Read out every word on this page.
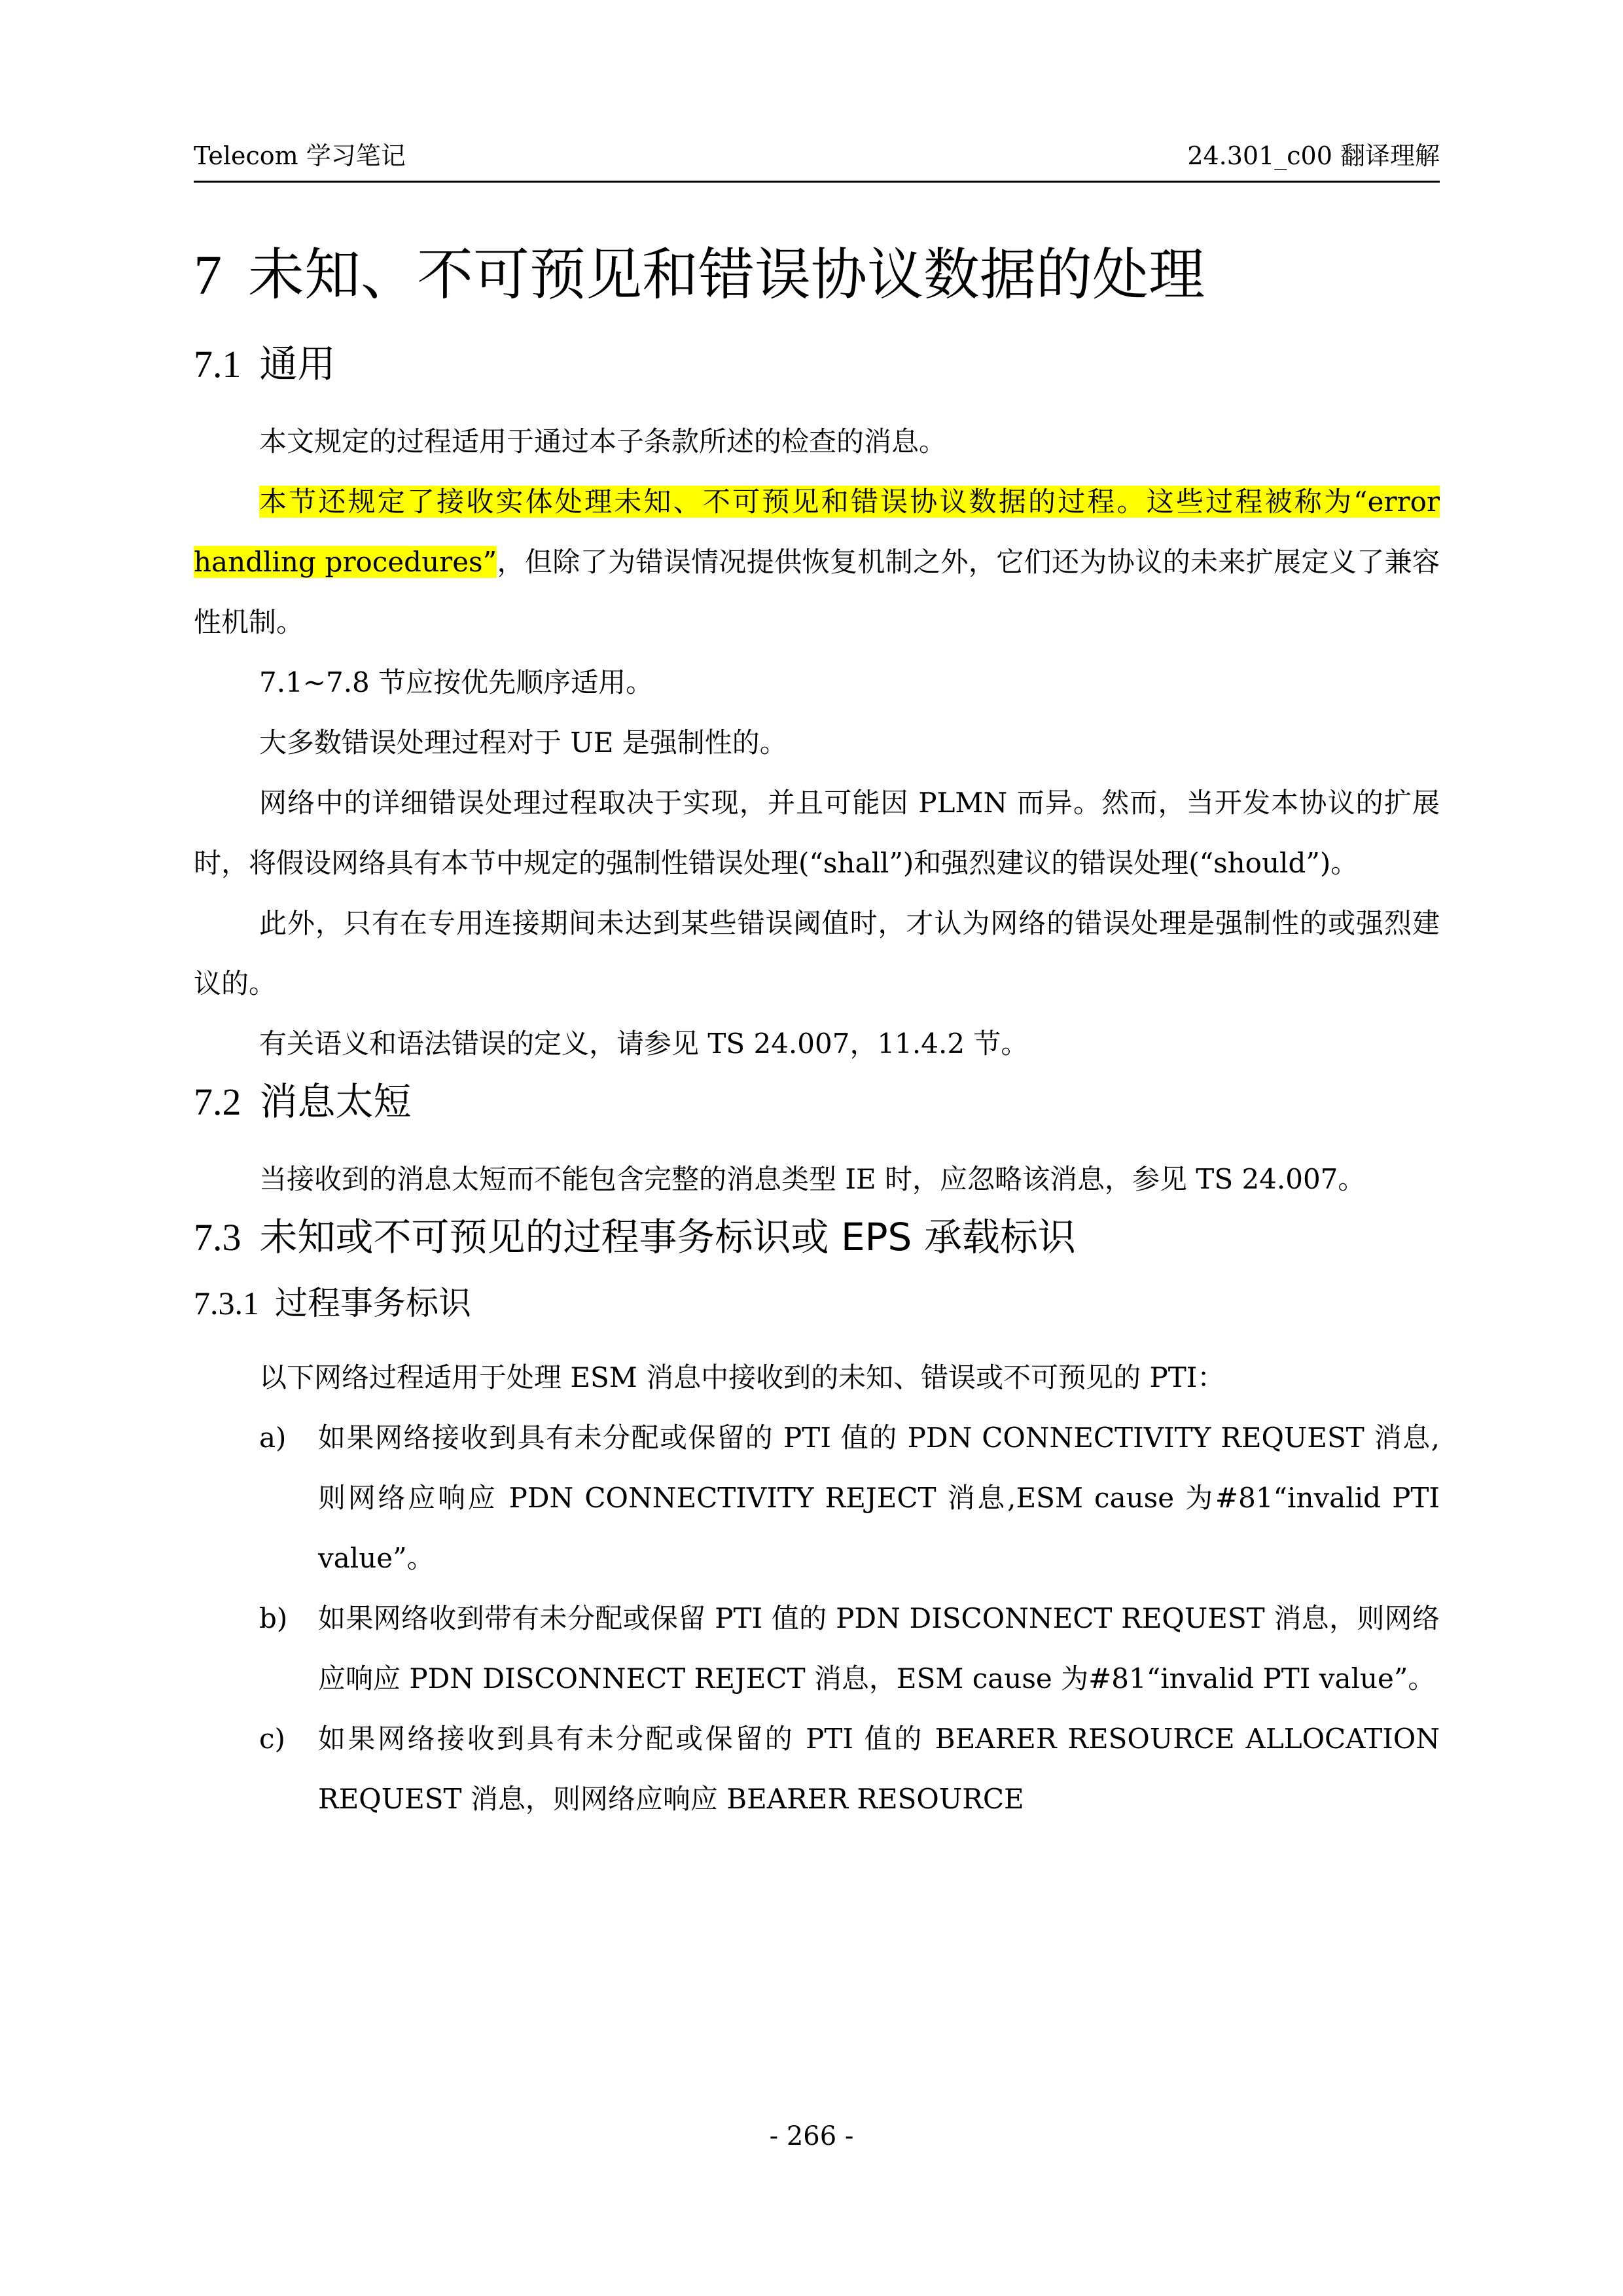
Telecom 学习笔记	24.301_c00 翻译理解
7 未知、不可预见和错误协议数据的处理
7.1 通用

本文规定的过程适用于通过本子条款所述的检查的消息。

本节还规定了接收实体处理未知、不可预见和错误协议数据的过程。这些过程被称为“error handling procedures”，但除了为错误情况提供恢复机制之外，它们还为协议的未来扩展定义了兼容性机制。

7.1~7.8 节应按优先顺序适用。

大多数错误处理过程对于 UE 是强制性的。

网络中的详细错误处理过程取决于实现，并且可能因 PLMN 而异。然而，当开发本协议的扩展时，将假设网络具有本节中规定的强制性错误处理(“shall”)和强烈建议的错误处理(“should”)。

此外，只有在专用连接期间未达到某些错误阈值时，才认为网络的错误处理是强制性的或强烈建议的。

有关语义和语法错误的定义，请参见 TS 24.007，11.4.2 节。

7.2 消息太短

当接收到的消息太短而不能包含完整的消息类型 IE 时，应忽略该消息，参见 TS 24.007。

7.3 未知或不可预见的过程事务标识或 EPS 承载标识
7.3.1 过程事务标识

以下网络过程适用于处理 ESM 消息中接收到的未知、错误或不可预见的 PTI：

a) 如果网络接收到具有未分配或保留的 PTI 值的 PDN CONNECTIVITY REQUEST 消息,则网络应响应 PDN CONNECTIVITY REJECT 消息,ESM cause 为#81“invalid PTI value”。
b) 如果网络收到带有未分配或保留 PTI 值的 PDN DISCONNECT REQUEST 消息，则网络应响应 PDN DISCONNECT REJECT 消息，ESM cause 为#81“invalid PTI value”。
c) 如果网络接收到具有未分配或保留的 PTI 值的 BEARER RESOURCE ALLOCATION REQUEST 消息，则网络应响应 BEARER RESOURCE
- 266 -
